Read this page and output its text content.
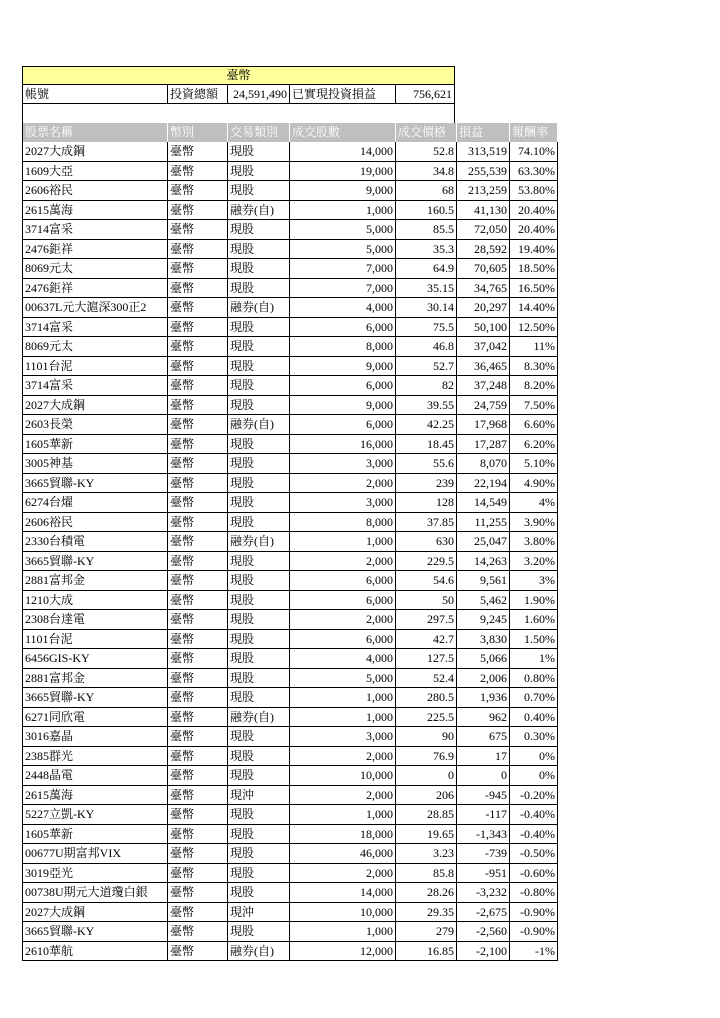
臺幣
帳號	投資總額	24,591,490 已實現投資損益	756,621
股票名稱	幣別	交易類別	成交股數	成交價格	損益	報酬率
2027大成鋼	臺幣	現股	14,000	52.8	313,519 74.10%
1609大亞	臺幣	現股	19,000	34.8	255,539 63.30%
2606裕民	臺幣	現股	9,000	68	213,259 53.80%
2615萬海	臺幣	融券(自)	1,000	160.5	41,130 20.40%
3714富采	臺幣	現股	5,000	85.5	72,050 20.40%
2476鉅祥	臺幣	現股	5,000	35.3	28,592 19.40%
8069元太	臺幣	現股	7,000	64.9	70,605 18.50%
2476鉅祥	臺幣	現股	7,000	35.15	34,765 16.50%
00637L元大滬深300正2	臺幣	融券(自)	4,000	30.14	20,297 14.40%
3714富采	臺幣	現股	6,000	75.5	50,100 12.50%
8069元太	臺幣	現股	8,000	46.8	37,042	11%
1101台泥	臺幣	現股	9,000	52.7	36,465	8.30%
3714富采	臺幣	現股	6,000	82	37,248	8.20%
2027大成鋼	臺幣	現股	9,000	39.55	24,759	7.50%
2603長榮	臺幣	融券(自)	6,000	42.25	17,968	6.60%
1605華新	臺幣	現股	16,000	18.45	17,287	6.20%
3005神基	臺幣	現股	3,000	55.6	8,070	5.10%
3665貿聯-KY	臺幣	現股	2,000	239	22,194	4.90%
6274台燿	臺幣	現股	3,000	128	14,549	4%
2606裕民	臺幣	現股	8,000	37.85	11,255	3.90%
2330台積電	臺幣	融券(自)	1,000	630	25,047	3.80%
3665貿聯-KY	臺幣	現股	2,000	229.5	14,263	3.20%
2881富邦金	臺幣	現股	6,000	54.6	9,561	3%
1210大成	臺幣	現股	6,000	50	5,462	1.90%
2308台達電	臺幣	現股	2,000	297.5	9,245	1.60%
1101台泥	臺幣	現股	6,000	42.7	3,830	1.50%
6456GIS-KY	臺幣	現股	4,000	127.5	5,066	1%
2881富邦金	臺幣	現股	5,000	52.4	2,006	0.80%
3665貿聯-KY	臺幣	現股	1,000	280.5	1,936	0.70%
6271同欣電	臺幣	融券(自)	1,000	225.5	962	0.40%
3016嘉晶	臺幣	現股	3,000	90	675	0.30%
2385群光	臺幣	現股	2,000	76.9	17	0%
2448晶電	臺幣	現股	10,000	0	0	0%
2615萬海	臺幣	現沖	2,000	206	-945	-0.20%
5227立凱-KY	臺幣	現股	1,000	28.85	-117	-0.40%
1605華新	臺幣	現股	18,000	19.65	-1,343	-0.40%
00677U期富邦VIX	臺幣	現股	46,000	3.23	-739	-0.50%
3019亞光	臺幣	現股	2,000	85.8	-951	-0.60%
00738U期元大道瓊白銀	臺幣	現股	14,000	28.26	-3,232	-0.80%
2027大成鋼	臺幣	現沖	10,000	29.35	-2,675	-0.90%
3665貿聯-KY	臺幣	現股	1,000	279	-2,560	-0.90%
2610華航	臺幣	融券(自)	12,000	16.85	-2,100	-1%
